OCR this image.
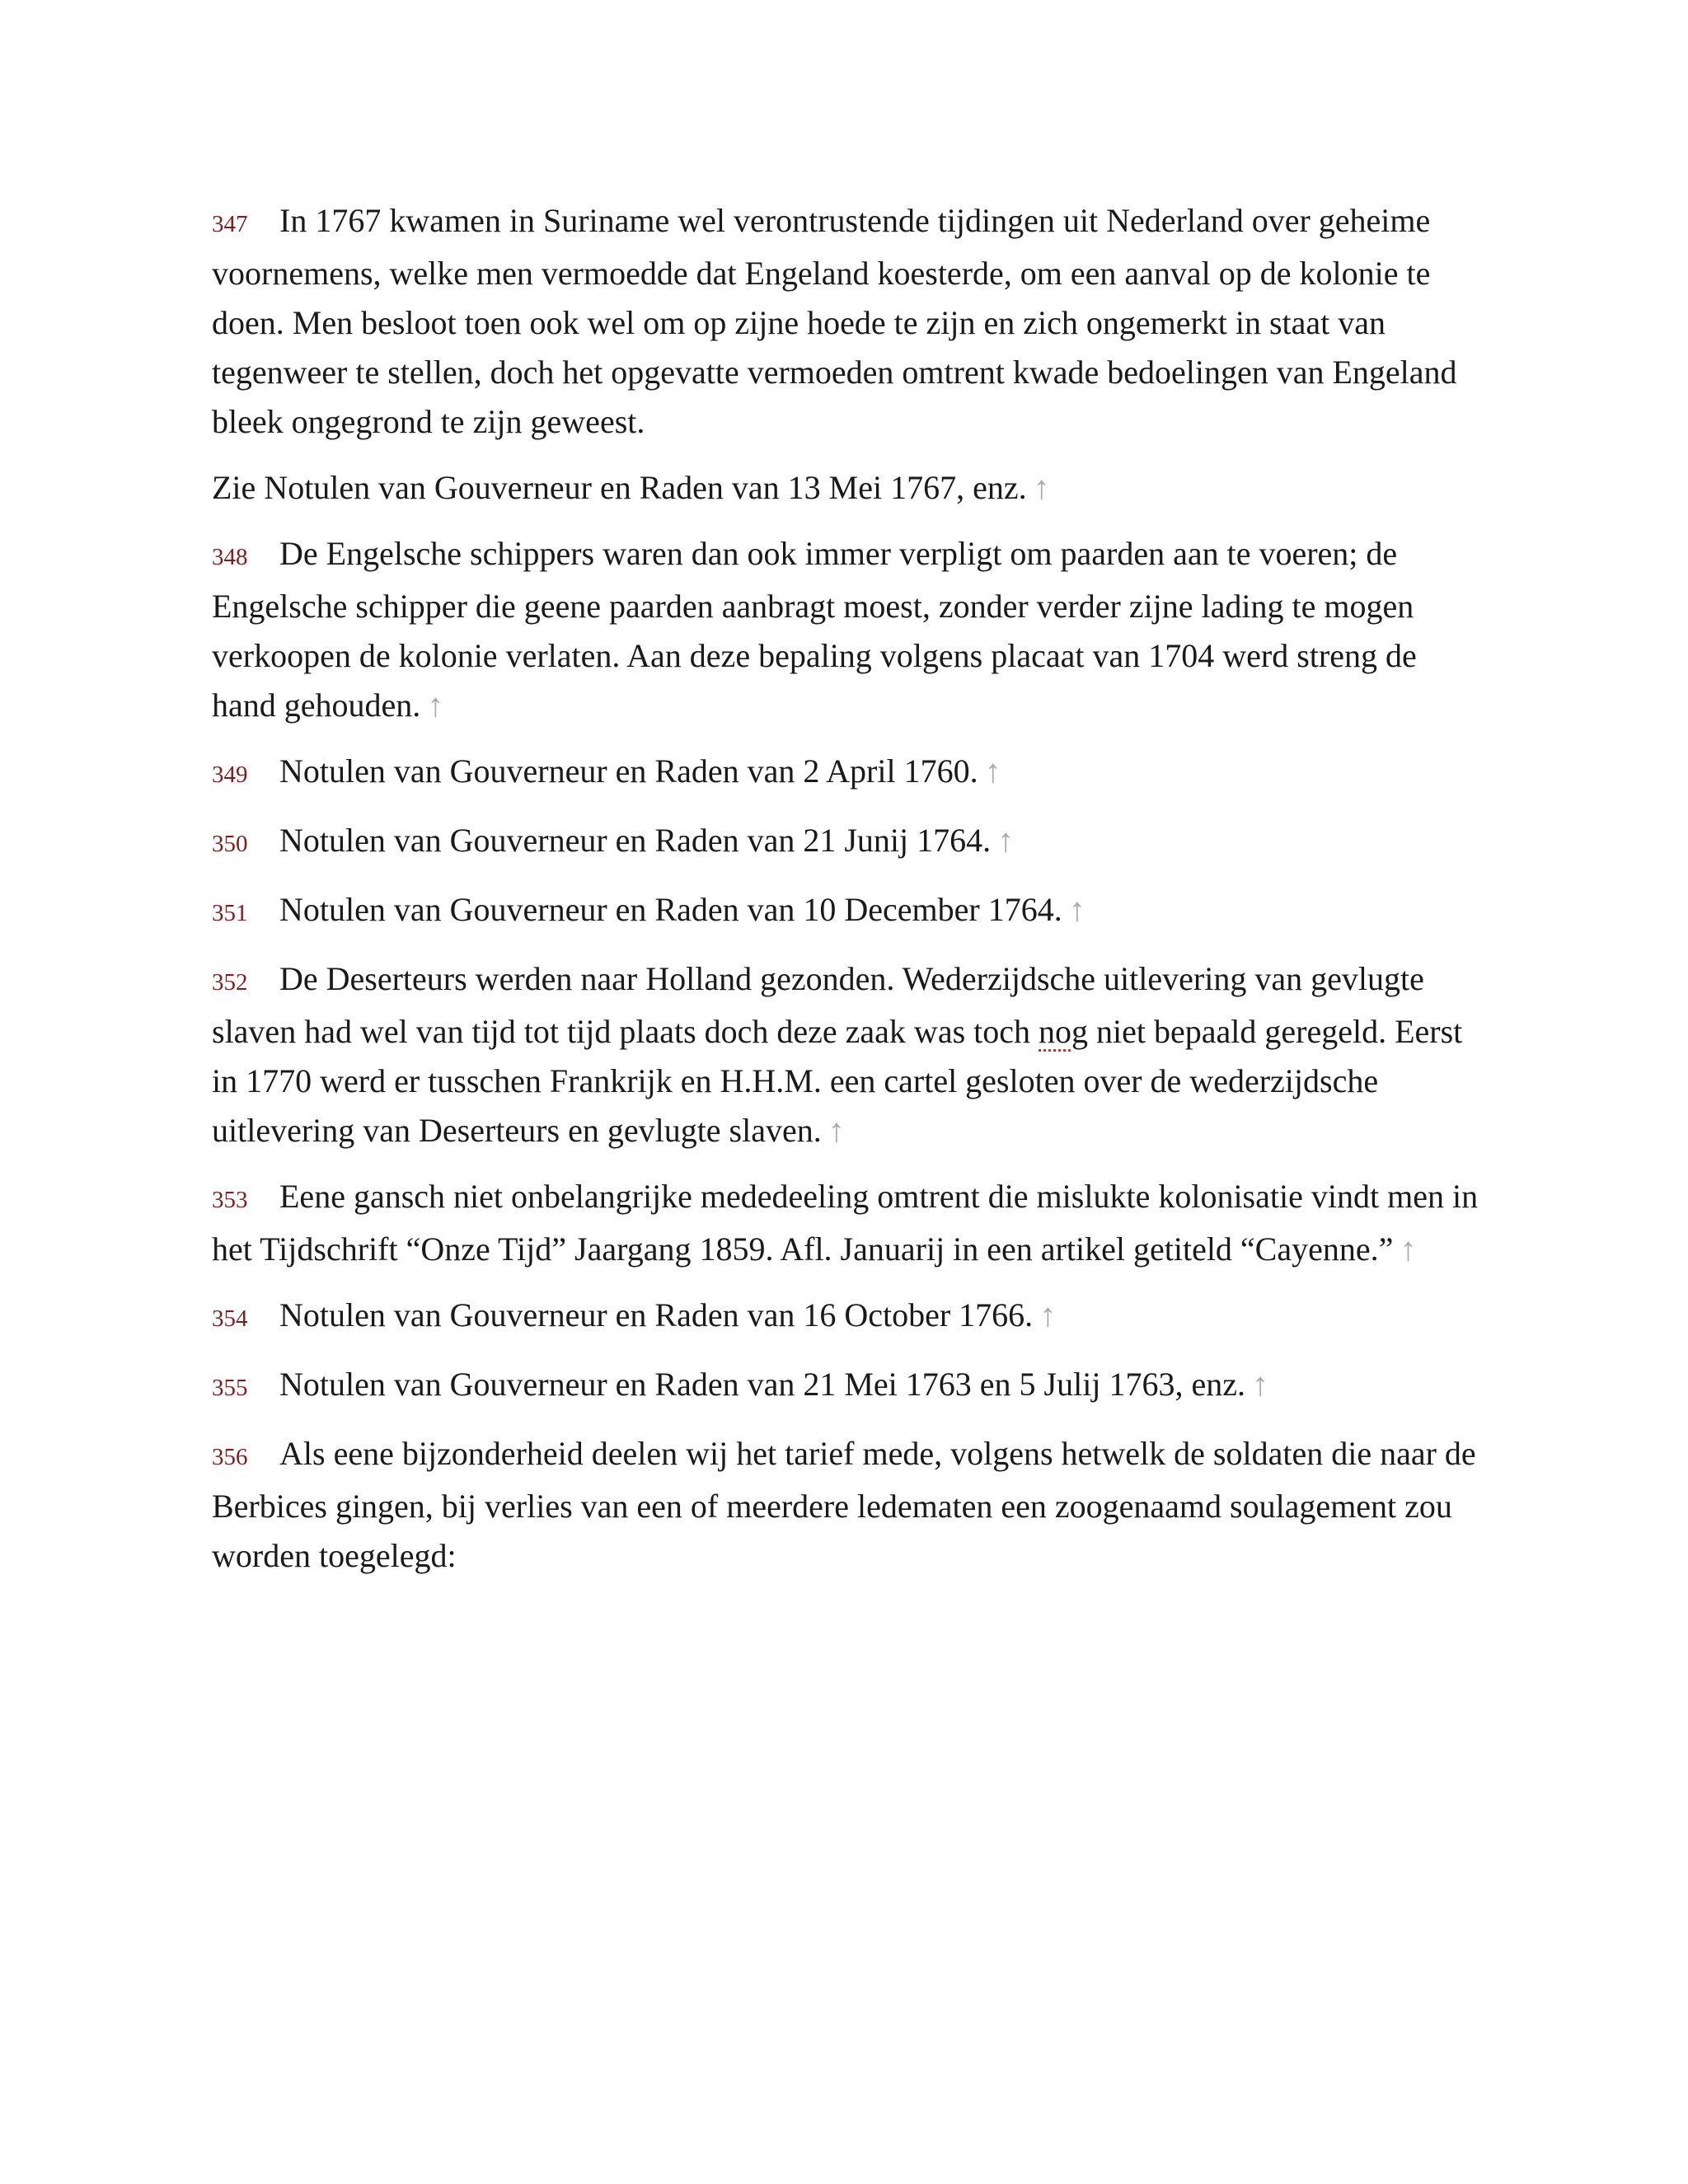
347 In 1767 kwamen in Suriname wel verontrustende tijdingen uit Nederland over geheime voornemens, welke men vermoedde dat Engeland koesterde, om een aanval op de kolonie te doen. Men besloot toen ook wel om op zijne hoede te zijn en zich ongemerkt in staat van tegenweer te stellen, doch het opgevatte vermoeden omtrent kwade bedoelingen van Engeland bleek ongegrond te zijn geweest.

Zie Notulen van Gouverneur en Raden van 13 Mei 1767, enz. ↑

348 De Engelsche schippers waren dan ook immer verpligt om paarden aan te voeren; de Engelsche schipper die geene paarden aanbragt moest, zonder verder zijne lading te mogen verkoopen de kolonie verlaten. Aan deze bepaling volgens placaat van 1704 werd streng de hand gehouden. ↑

349 Notulen van Gouverneur en Raden van 2 April 1760. ↑

350 Notulen van Gouverneur en Raden van 21 Junij 1764. ↑

351 Notulen van Gouverneur en Raden van 10 December 1764. ↑

352 De Deserteurs werden naar Holland gezonden. Wederzijdsche uitlevering van gevlugte slaven had wel van tijd tot tijd plaats doch deze zaak was toch nog niet bepaald geregeld. Eerst in 1770 werd er tusschen Frankrijk en H.H.M. een cartel gesloten over de wederzijdsche uitlevering van Deserteurs en gevlugte slaven. ↑

353 Eene gansch niet onbelangrijke mededeeling omtrent die mislukte kolonisatie vindt men in het Tijdschrift “Onze Tijd” Jaargang 1859. Afl. Januarij in een artikel getiteld “Cayenne.” ↑

354 Notulen van Gouverneur en Raden van 16 October 1766. ↑

355 Notulen van Gouverneur en Raden van 21 Mei 1763 en 5 Julij 1763, enz. ↑

356 Als eene bijzonderheid deelen wij het tarief mede, volgens hetwelk de soldaten die naar de Berbices gingen, bij verlies van een of meerdere ledematen een zoogenaamd soulagement zou worden toegelegd:
